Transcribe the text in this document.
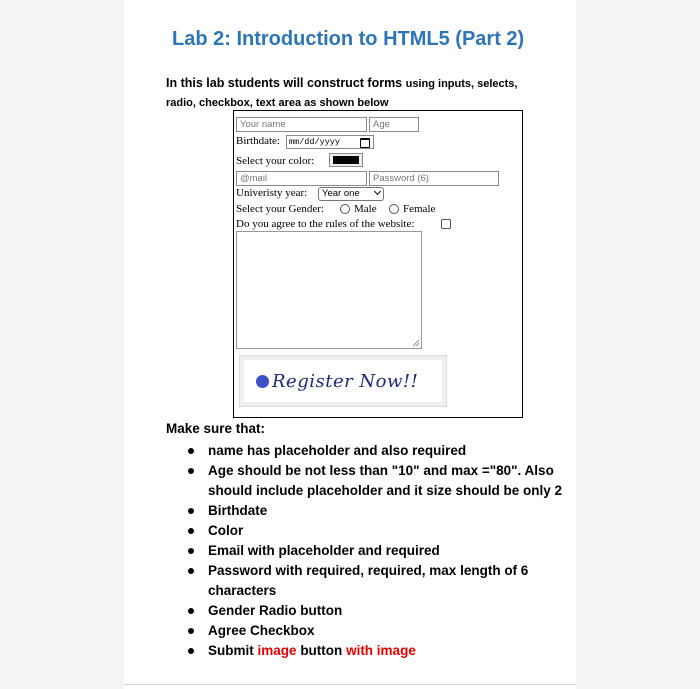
Lab 2: Introduction to HTML5 (Part 2)
In this lab students will construct forms using inputs, selects,
radio, checkbox, text area as shown below
Your name	Age
Birthdate:	mm/dd/yyyy
Select your color:
@mail	Password (6)
Univeristy year:	Year one
Select your Gender:	Male Female
Do you agree to the rules of the website:
Register Now!!

Make sure that:

name has placeholder and also required
Age should be not less than "10" and max ="80". Also should include placeholder and it size should be only 2
Birthdate
Color
Email with placeholder and required
Password with required, required, max length of 6 characters
Gender Radio button
Agree Checkbox
Submit image button with image
